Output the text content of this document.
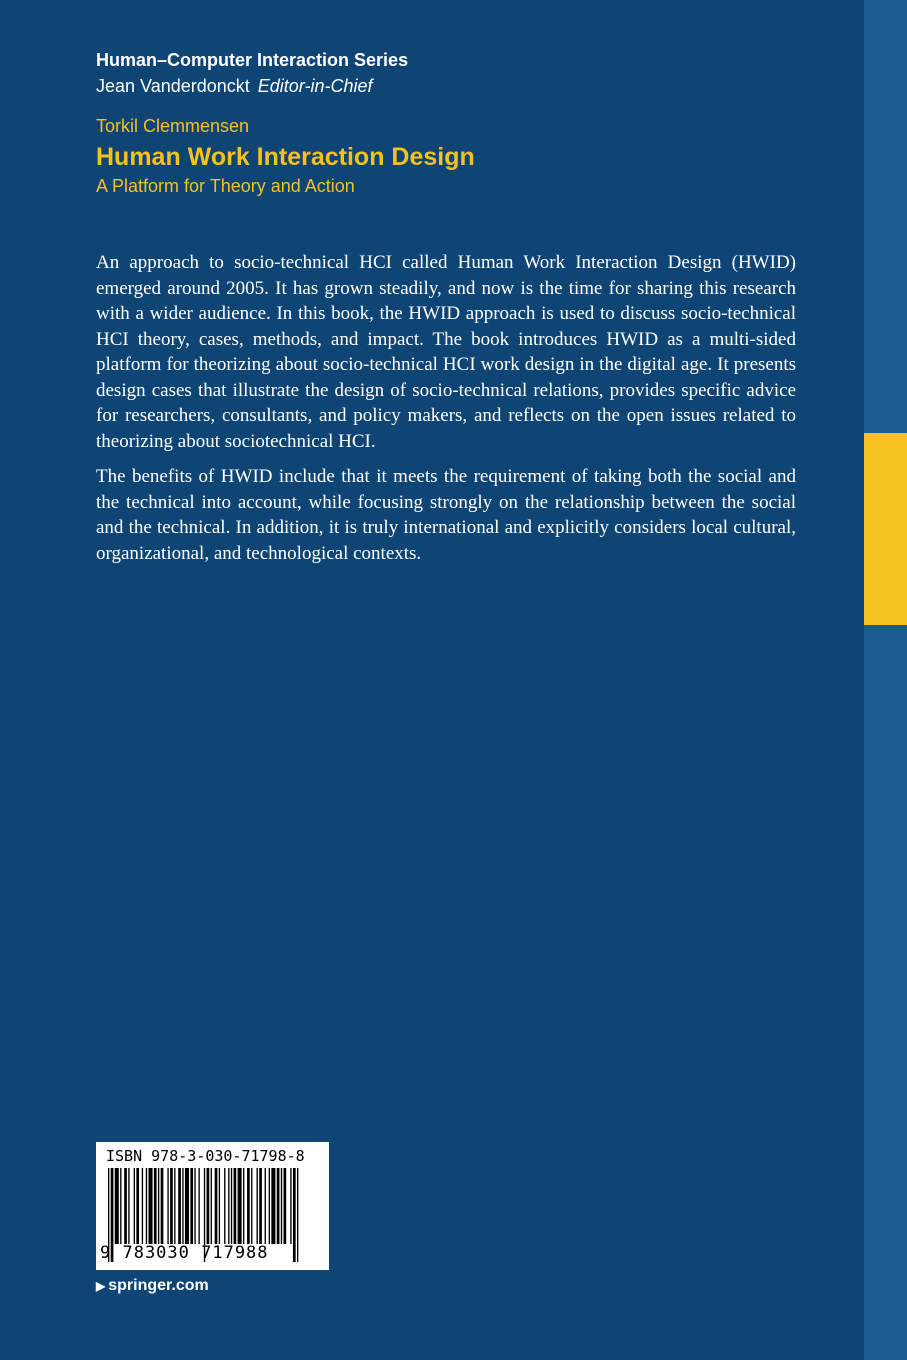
Human–Computer Interaction Series

Jean Vanderdonckt Editor-in-Chief

Torkil Clemmensen

Human Work Interaction Design

A Platform for Theory and Action

An approach to socio-technical HCI called Human Work Interaction Design (HWID) emerged around 2005. It has grown steadily, and now is the time for sharing this research with a wider audience. In this book, the HWID approach is used to discuss socio-technical HCI theory, cases, methods, and impact. The book introduces HWID as a multi-sided platform for theorizing about socio-technical HCI work design in the digital age. It presents design cases that illustrate the design of socio-technical relations, provides specific advice for researchers, consultants, and policy makers, and reflects on the open issues related to theorizing about sociotechnical HCI.

The benefits of HWID include that it meets the requirement of taking both the social and the technical into account, while focusing strongly on the relationship between the social and the technical. In addition, it is truly international and explicitly considers local cultural, organizational, and technological contexts.

ISBN 978-3-030-71798-8
9 783030 717988
▶ springer.com
